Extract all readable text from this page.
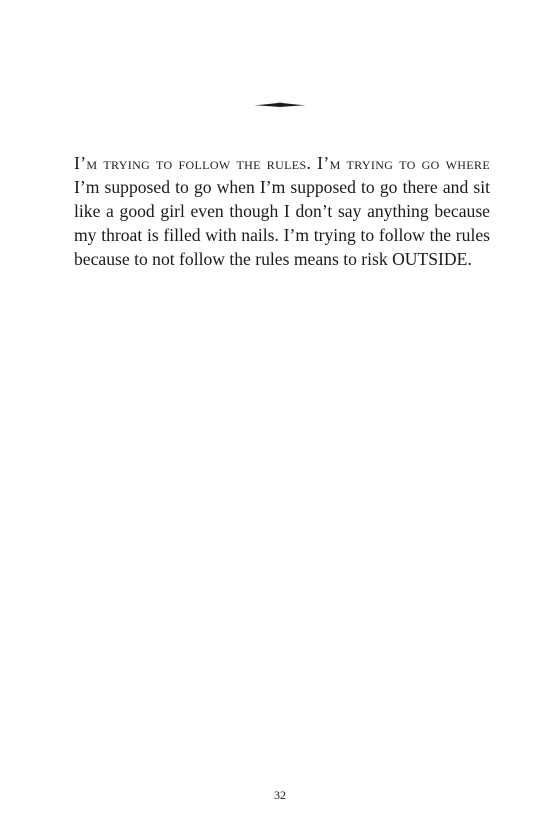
I’m trying to follow the rules. I’m trying to go where I’m supposed to go when I’m supposed to go there and sit like a good girl even though I don’t say anything because my throat is filled with nails. I’m trying to follow the rules because to not follow the rules means to risk OUTSIDE.

32
